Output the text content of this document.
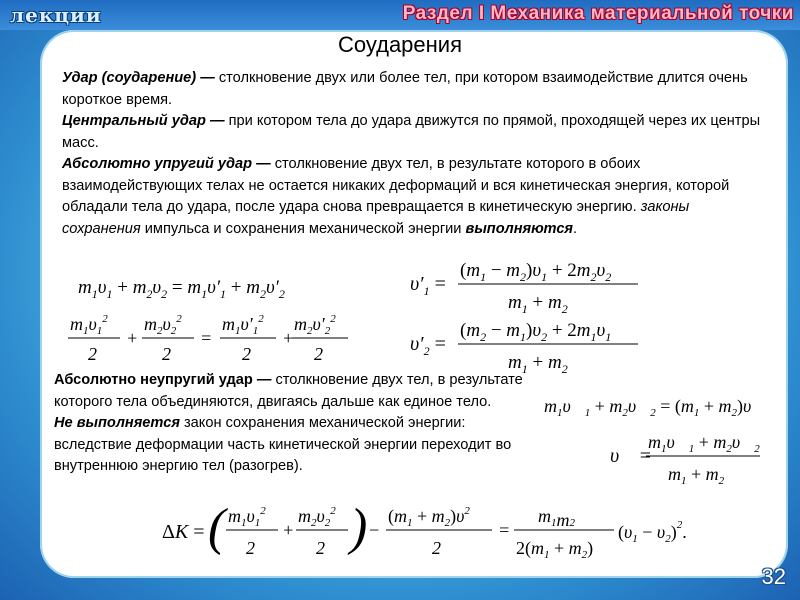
лекции	Раздел I Механика материальной точки
Соударения
Удар (соударение) — столкновение двух или более тел, при котором взаимодействие длится очень короткое время.
Центральный удар — при котором тела до удара движутся по прямой, проходящей через их центры масс.
Абсолютно упругий удар — столкновение двух тел, в результате которого в обоих взаимодействующих телах не остается никаких деформаций и вся кинетическая энергия, которой обладали тела до удара, после удара снова превращается в кинетическую энергию. законы сохранения импульса и сохранения механической энергии выполняются.
Абсолютно неупругий удар — столкновение двух тел, в результате которого тела объединяются, двигаясь дальше как единое тело.
Не выполняется закон сохранения механической энергии: вследствие деформации часть кинетической энергии переходит во внутреннюю энергию тел (разогрев).
$m_1\upsilon_1 + m_2\upsilon_2 = m_1\upsilon'_1 + m_2\upsilon'_2$
$m_1\upsilon_1^2$
2
+
$m_2\upsilon_2^2$
2
=
$m_1\upsilon'_1^2$
2
+
$m_2\upsilon'_2^2$
2
$\upsilon'_1$ =
$(m_1 - m_2)\upsilon_1 + 2m_2\upsilon_2$
$m_1 + m_2$
$\upsilon'_2$ =
$(m_2 - m_1)\upsilon_2 + 2m_1\upsilon_1$
$m_1 + m_2$
$m_1\upsilon⃗_1$ + $m_2\upsilon⃗_2 = (m_1$ + $m_2)\upsilon⃗$
υ⃗ =
$m_1\upsilon⃗_1$ + $m_2\upsilon⃗_2$
$m_1 + m_2$
ΔK = ( $m_1\upsilon_1^2$
2
+
$m_2\upsilon_2^2$
2 ) −
$(m_1 + m_2)\upsilon^2$
2
=
$m_1m2$
$2(m_1 + m_2)$
$(\upsilon_1 - \upsilon_2)^2$.
32
